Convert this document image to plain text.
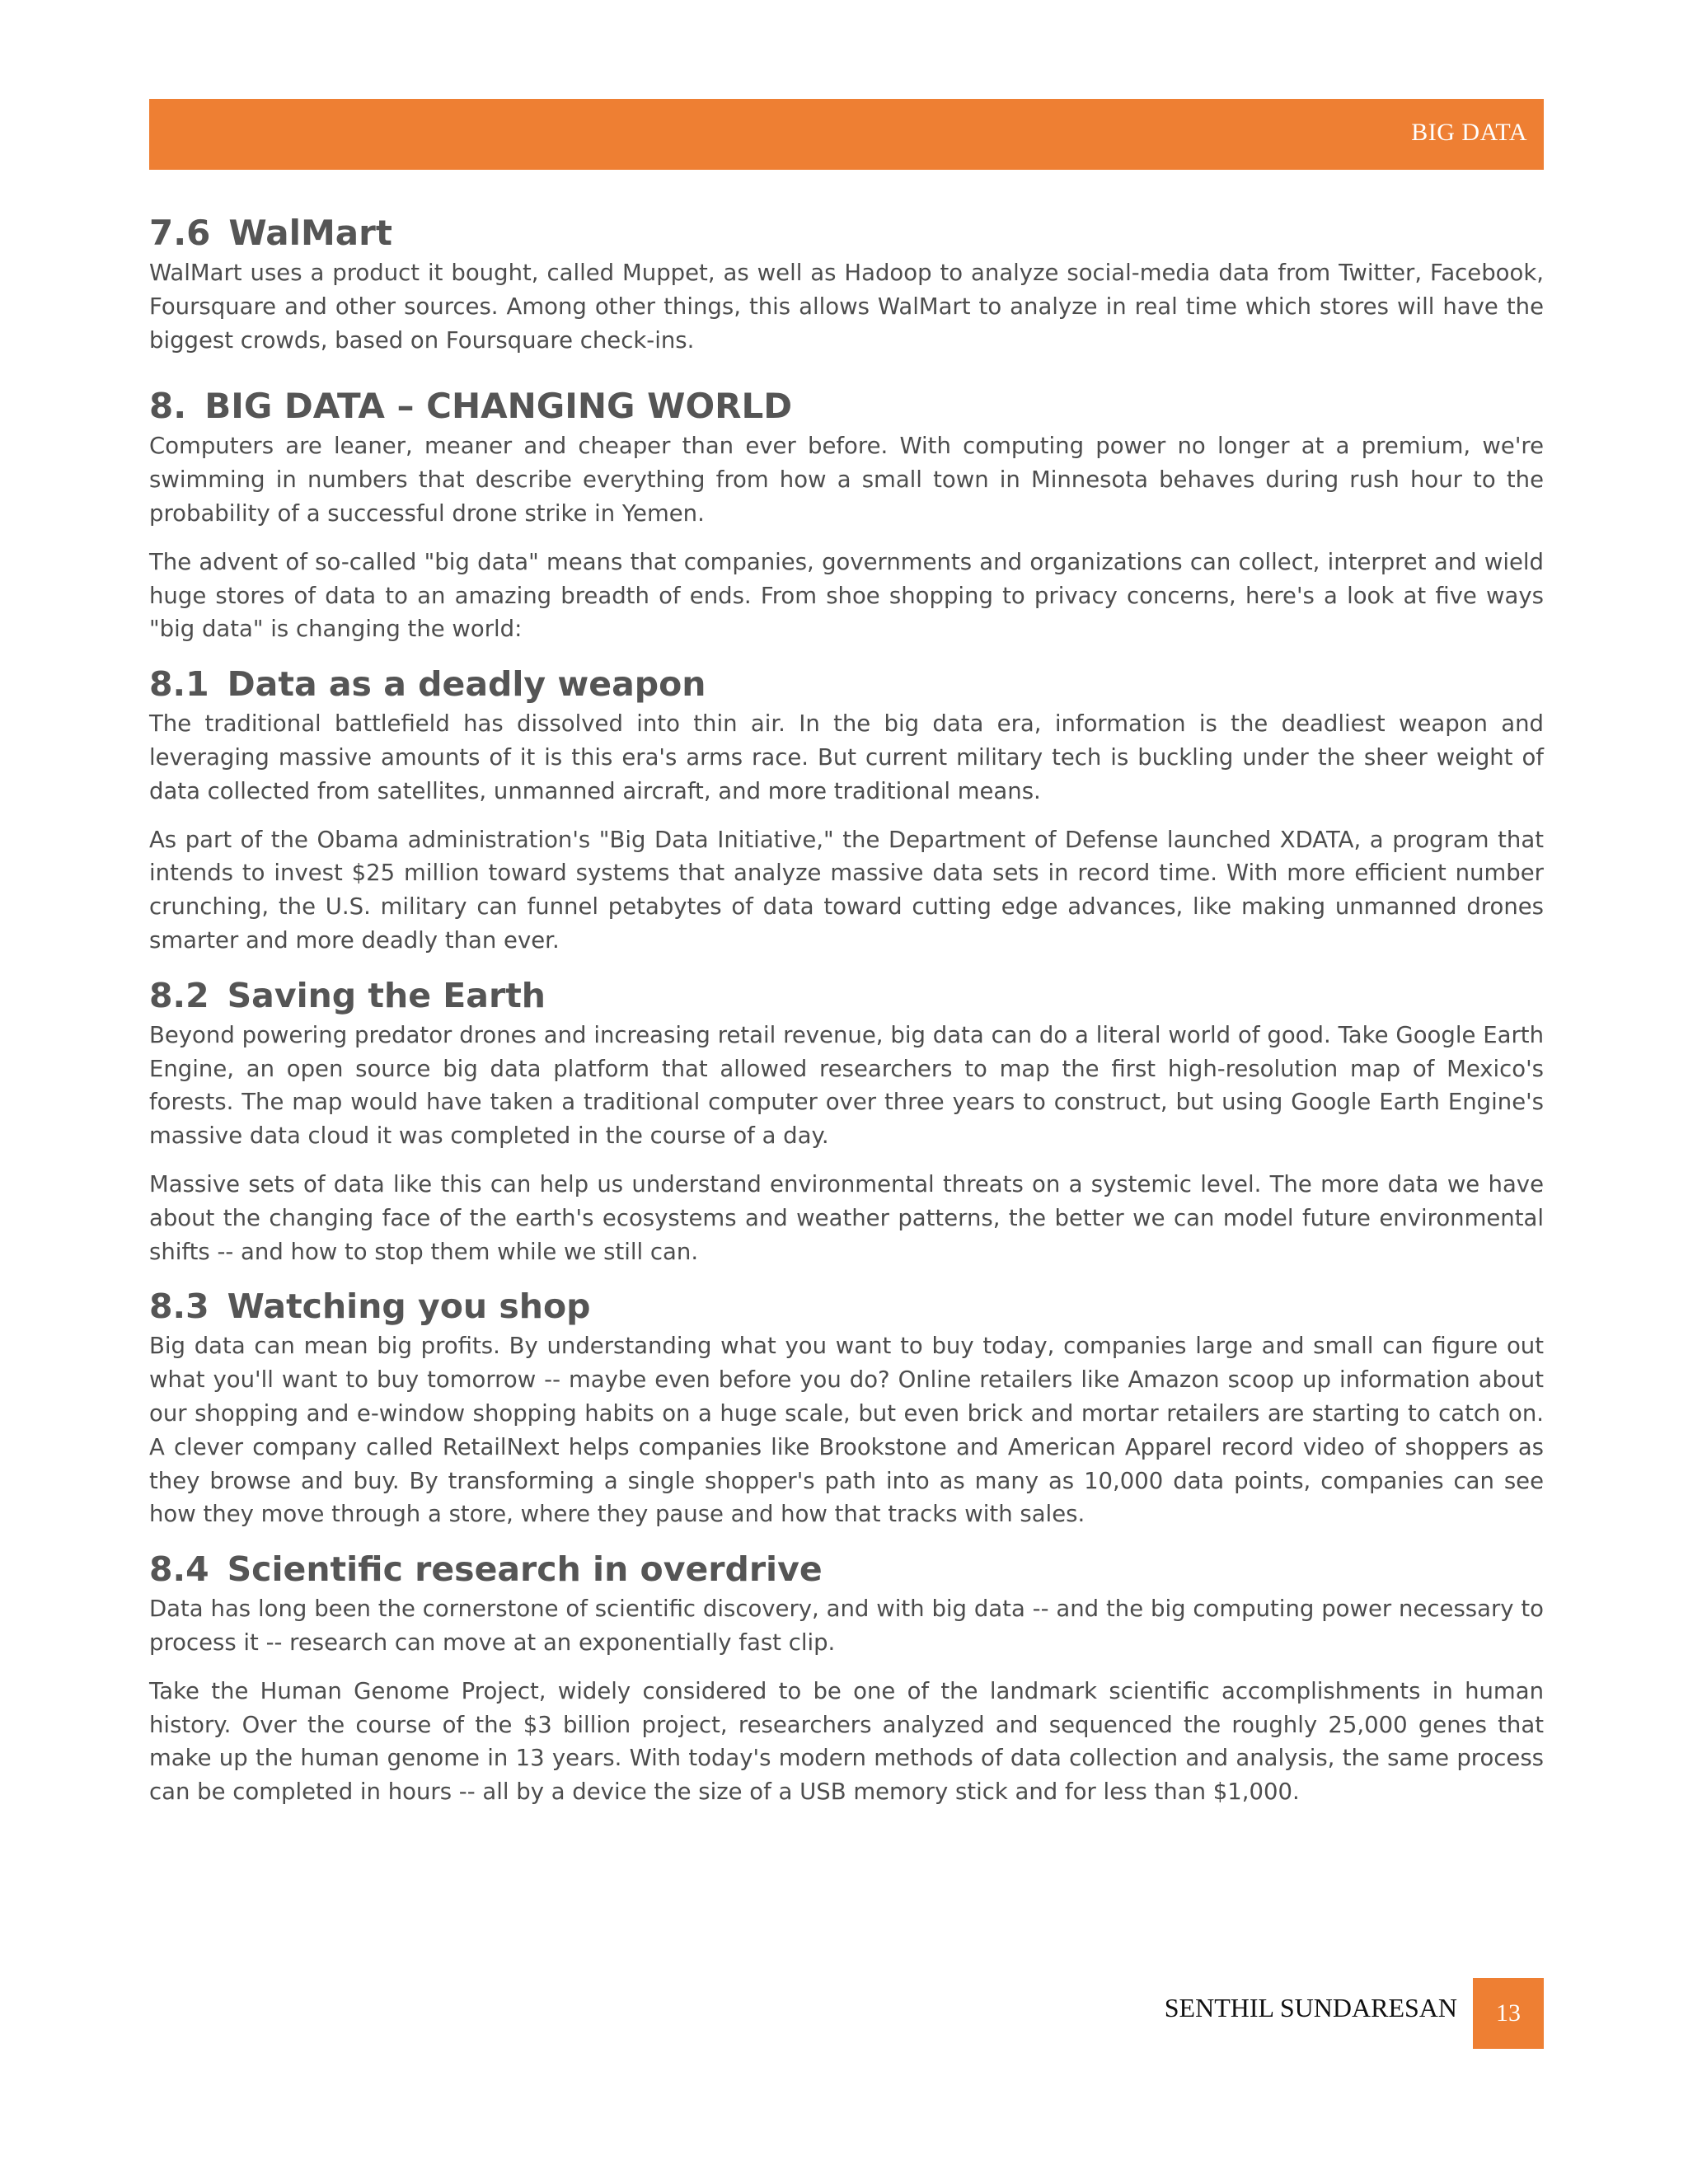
BIG DATA
7.6 WalMart

WalMart uses a product it bought, called Muppet, as well as Hadoop to analyze social-media data from Twitter, Facebook, Foursquare and other sources. Among other things, this allows WalMart to analyze in real time which stores will have the biggest crowds, based on Foursquare check-ins.

8. BIG DATA – CHANGING WORLD

Computers are leaner, meaner and cheaper than ever before. With computing power no longer at a premium, we're swimming in numbers that describe everything from how a small town in Minnesota behaves during rush hour to the probability of a successful drone strike in Yemen.

The advent of so-called "big data" means that companies, governments and organizations can collect, interpret and wield huge stores of data to an amazing breadth of ends. From shoe shopping to privacy concerns, here's a look at five ways "big data" is changing the world:

8.1 Data as a deadly weapon

The traditional battlefield has dissolved into thin air. In the big data era, information is the deadliest weapon and leveraging massive amounts of it is this era's arms race. But current military tech is buckling under the sheer weight of data collected from satellites, unmanned aircraft, and more traditional means.

As part of the Obama administration's "Big Data Initiative," the Department of Defense launched XDATA, a program that intends to invest $25 million toward systems that analyze massive data sets in record time. With more efficient number crunching, the U.S. military can funnel petabytes of data toward cutting edge advances, like making unmanned drones smarter and more deadly than ever.

8.2 Saving the Earth

Beyond powering predator drones and increasing retail revenue, big data can do a literal world of good. Take Google Earth Engine, an open source big data platform that allowed researchers to map the first high-resolution map of Mexico's forests. The map would have taken a traditional computer over three years to construct, but using Google Earth Engine's massive data cloud it was completed in the course of a day.

Massive sets of data like this can help us understand environmental threats on a systemic level. The more data we have about the changing face of the earth's ecosystems and weather patterns, the better we can model future environmental shifts -- and how to stop them while we still can.

8.3 Watching you shop

Big data can mean big profits. By understanding what you want to buy today, companies large and small can figure out what you'll want to buy tomorrow -- maybe even before you do? Online retailers like Amazon scoop up information about our shopping and e-window shopping habits on a huge scale, but even brick and mortar retailers are starting to catch on. A clever company called RetailNext helps companies like Brookstone and American Apparel record video of shoppers as they browse and buy. By transforming a single shopper's path into as many as 10,000 data points, companies can see how they move through a store, where they pause and how that tracks with sales.

8.4 Scientific research in overdrive

Data has long been the cornerstone of scientific discovery, and with big data -- and the big computing power necessary to process it -- research can move at an exponentially fast clip.

Take the Human Genome Project, widely considered to be one of the landmark scientific accomplishments in human history. Over the course of the $3 billion project, researchers analyzed and sequenced the roughly 25,000 genes that make up the human genome in 13 years. With today's modern methods of data collection and analysis, the same process can be completed in hours -- all by a device the size of a USB memory stick and for less than $1,000.

SENTHIL SUNDARESAN	13
